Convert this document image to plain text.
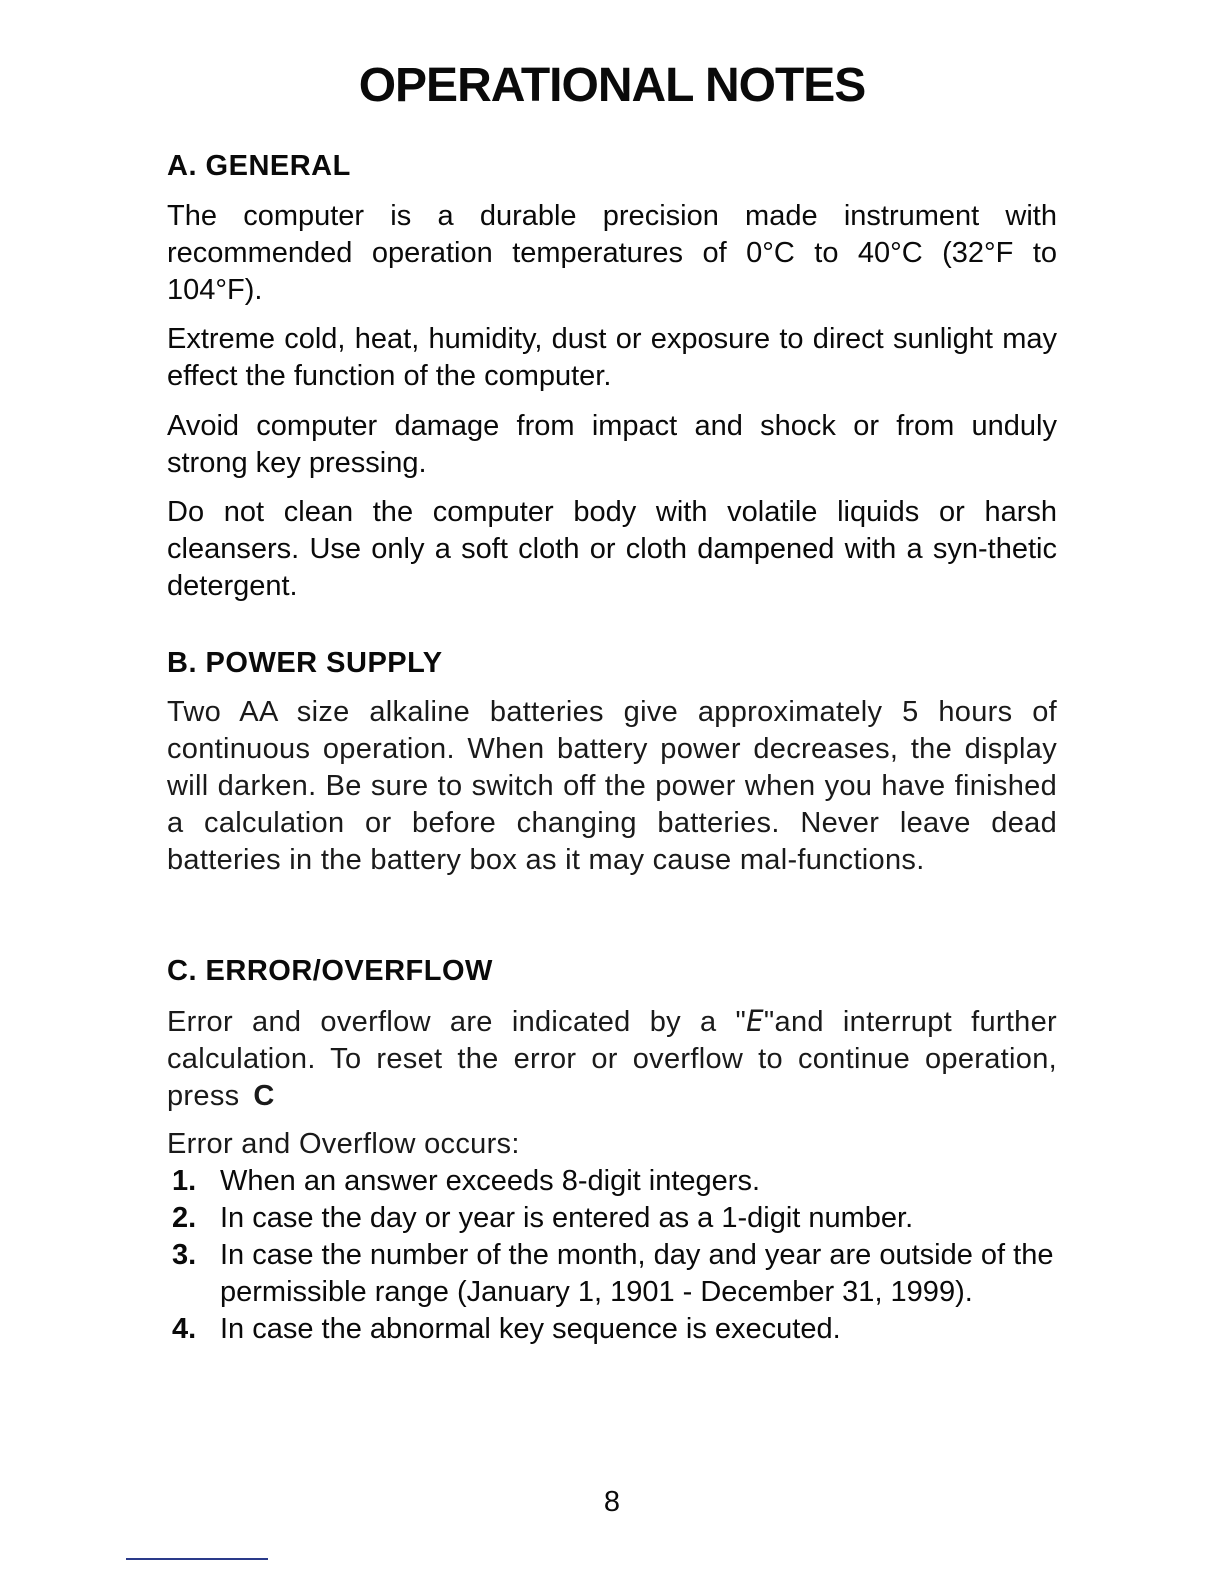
OPERATIONAL NOTES
A. GENERAL

The computer is a durable precision made instrument with recommended operation temperatures of 0°C to 40°C (32°F to 104°F).

Extreme cold, heat, humidity, dust or exposure to direct sunlight may effect the function of the computer.

Avoid computer damage from impact and shock or from unduly strong key pressing.

Do not clean the computer body with volatile liquids or harsh cleansers. Use only a soft cloth or cloth dampened with a syn-thetic detergent.

B. POWER SUPPLY

Two AA size alkaline batteries give approximately 5 hours of continuous operation. When battery power decreases, the display will darken. Be sure to switch off the power when you have finished a calculation or before changing batteries. Never leave dead batteries in the battery box as it may cause mal-functions.

C. ERROR/OVERFLOW

Error and overflow are indicated by a "E"and interrupt further calculation. To reset the error or overflow to continue operation, press C

Error and Overflow occurs:

1. When an answer exceeds 8-digit integers.
2. In case the day or year is entered as a 1-digit number.
3. In case the number of the month, day and year are outside of the permissible range (January 1, 1901 - December 31, 1999).
4. In case the abnormal key sequence is executed.
8
